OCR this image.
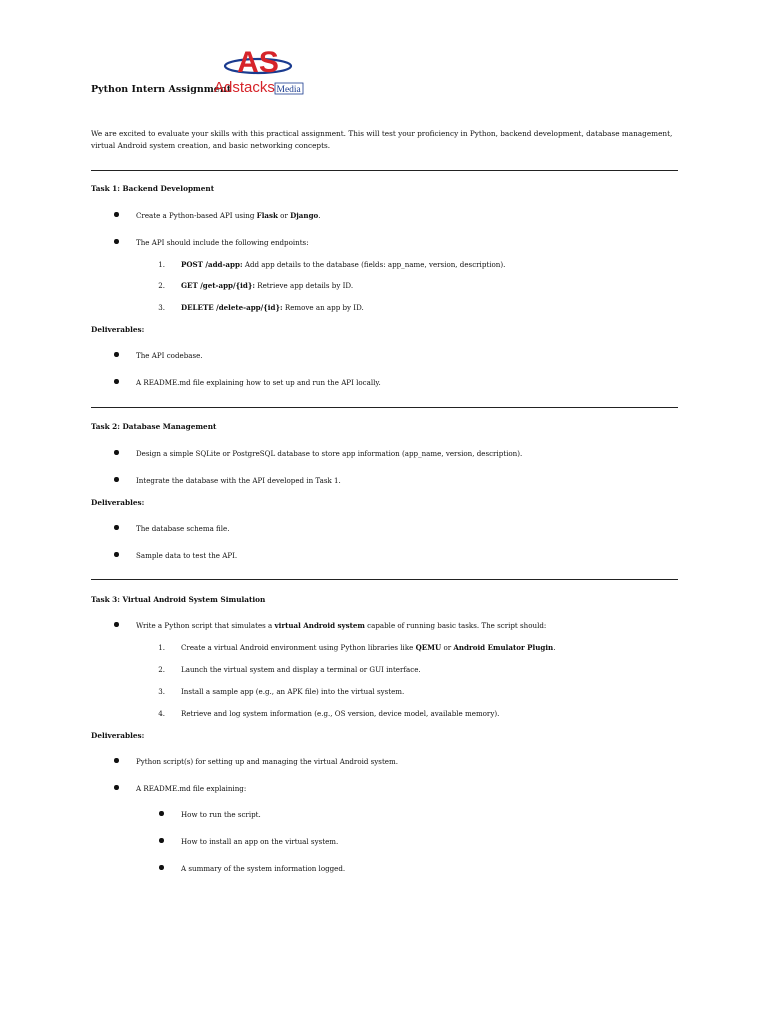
Python Intern Assignment
AS
Adstacks Media
We are excited to evaluate your skills with this practical assignment. This will test your proficiency in Python, backend development, database management, virtual Android system creation, and basic networking concepts.
Task 1: Backend Development
Create a Python-based API using Flask or Django.
The API should include the following endpoints:
1. POST /add-app: Add app details to the database (fields: app_name, version, description).
2. GET /get-app/{id}: Retrieve app details by ID.
3. DELETE /delete-app/{id}: Remove an app by ID.
Deliverables:
The API codebase.
A README.md file explaining how to set up and run the API locally.
Task 2: Database Management
Design a simple SQLite or PostgreSQL database to store app information (app_name, version, description).
Integrate the database with the API developed in Task 1.
Deliverables:
The database schema file.
Sample data to test the API.
Task 3: Virtual Android System Simulation
Write a Python script that simulates a virtual Android system capable of running basic tasks. The script should:
1. Create a virtual Android environment using Python libraries like QEMU or Android Emulator Plugin.
2. Launch the virtual system and display a terminal or GUI interface.
3. Install a sample app (e.g., an APK file) into the virtual system.
4. Retrieve and log system information (e.g., OS version, device model, available memory).
Deliverables:
Python script(s) for setting up and managing the virtual Android system.
A README.md file explaining:
How to run the script.
How to install an app on the virtual system.
A summary of the system information logged.
